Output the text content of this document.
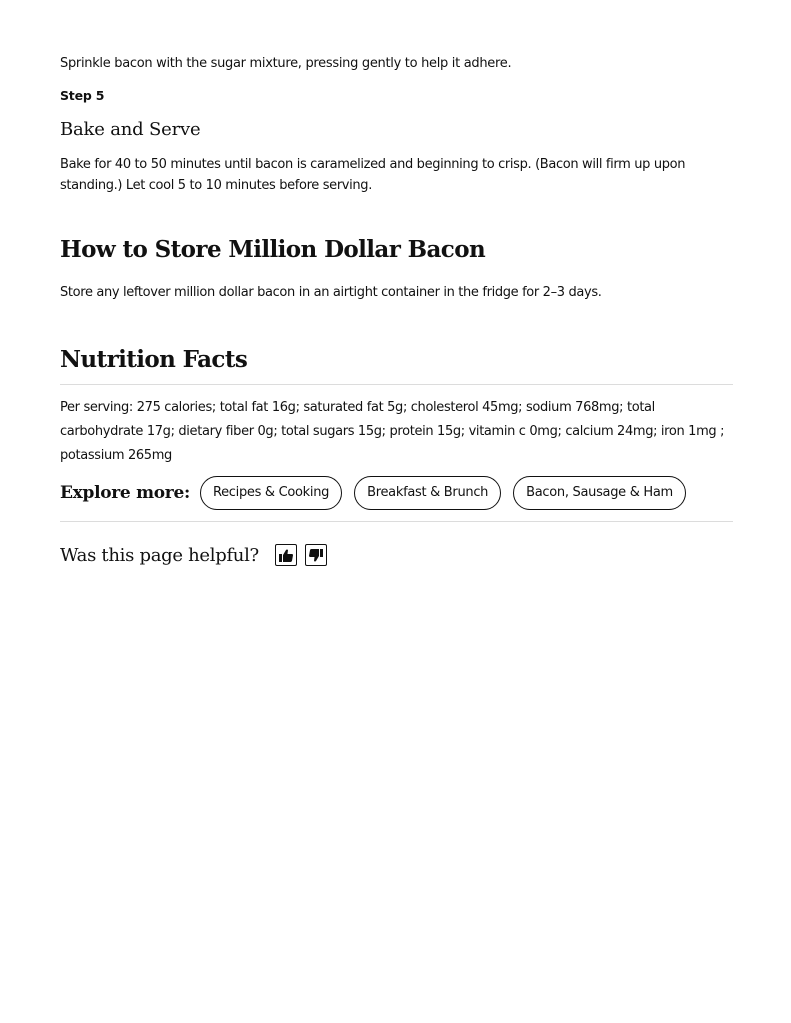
Sprinkle bacon with the sugar mixture, pressing gently to help it adhere.
Step 5
Bake and Serve
Bake for 40 to 50 minutes until bacon is caramelized and beginning to crisp. (Bacon will firm up upon standing.) Let cool 5 to 10 minutes before serving.
How to Store Million Dollar Bacon
Store any leftover million dollar bacon in an airtight container in the fridge for 2–3 days.
Nutrition Facts
Per serving: 275 calories; total fat 16g; saturated fat 5g; cholesterol 45mg; sodium 768mg; total carbohydrate 17g; dietary fiber 0g; total sugars 15g; protein 15g; vitamin c 0mg; calcium 24mg; iron 1mg ; potassium 265mg
Explore more:	Recipes & Cooking	Breakfast & Brunch	Bacon, Sausage & Ham
Was this page helpful?
